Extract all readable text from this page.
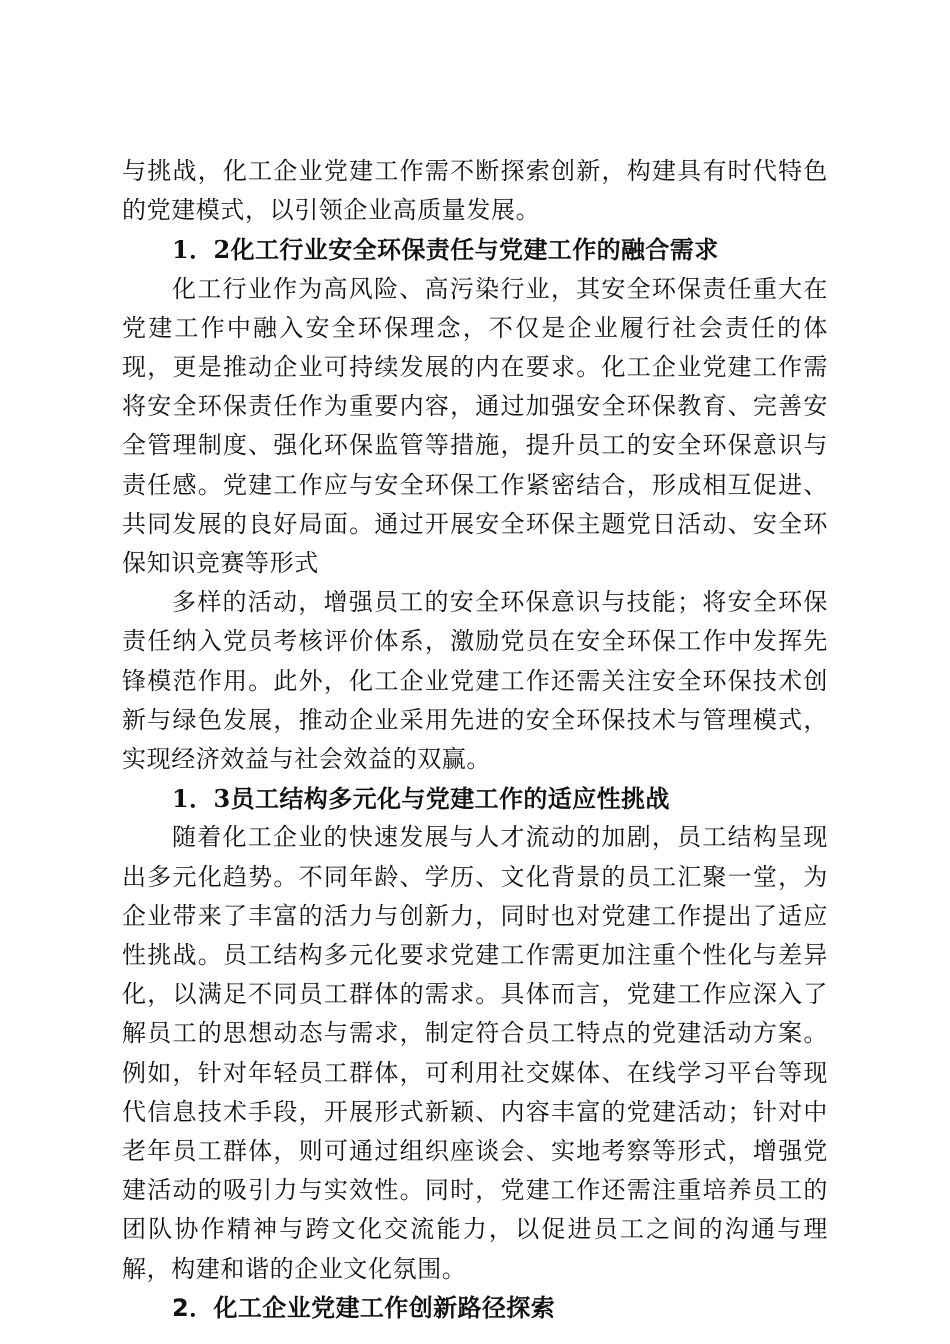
与挑战，化工企业党建工作需不断探索创新，构建具有时代特色的党建模式，以引领企业高质量发展。

1．2化工行业安全环保责任与党建工作的融合需求

化工行业作为高风险、高污染行业，其安全环保责任重大在党建工作中融入安全环保理念，不仅是企业履行社会责任的体现，更是推动企业可持续发展的内在要求。化工企业党建工作需将安全环保责任作为重要内容，通过加强安全环保教育、完善安全管理制度、强化环保监管等措施，提升员工的安全环保意识与责任感。党建工作应与安全环保工作紧密结合，形成相互促进、共同发展的良好局面。通过开展安全环保主题党日活动、安全环保知识竞赛等形式

多样的活动，增强员工的安全环保意识与技能；将安全环保责任纳入党员考核评价体系，激励党员在安全环保工作中发挥先锋模范作用。此外，化工企业党建工作还需关注安全环保技术创新与绿色发展，推动企业采用先进的安全环保技术与管理模式，实现经济效益与社会效益的双赢。

1．3员工结构多元化与党建工作的适应性挑战

随着化工企业的快速发展与人才流动的加剧，员工结构呈现出多元化趋势。不同年龄、学历、文化背景的员工汇聚一堂，为企业带来了丰富的活力与创新力，同时也对党建工作提出了适应性挑战。员工结构多元化要求党建工作需更加注重个性化与差异化，以满足不同员工群体的需求。具体而言，党建工作应深入了解员工的思想动态与需求，制定符合员工特点的党建活动方案。例如，针对年轻员工群体，可利用社交媒体、在线学习平台等现代信息技术手段，开展形式新颖、内容丰富的党建活动；针对中老年员工群体，则可通过组织座谈会、实地考察等形式，增强党建活动的吸引力与实效性。同时，党建工作还需注重培养员工的团队协作精神与跨文化交流能力，以促进员工之间的沟通与理解，构建和谐的企业文化氛围。

2．化工企业党建工作创新路径探索
